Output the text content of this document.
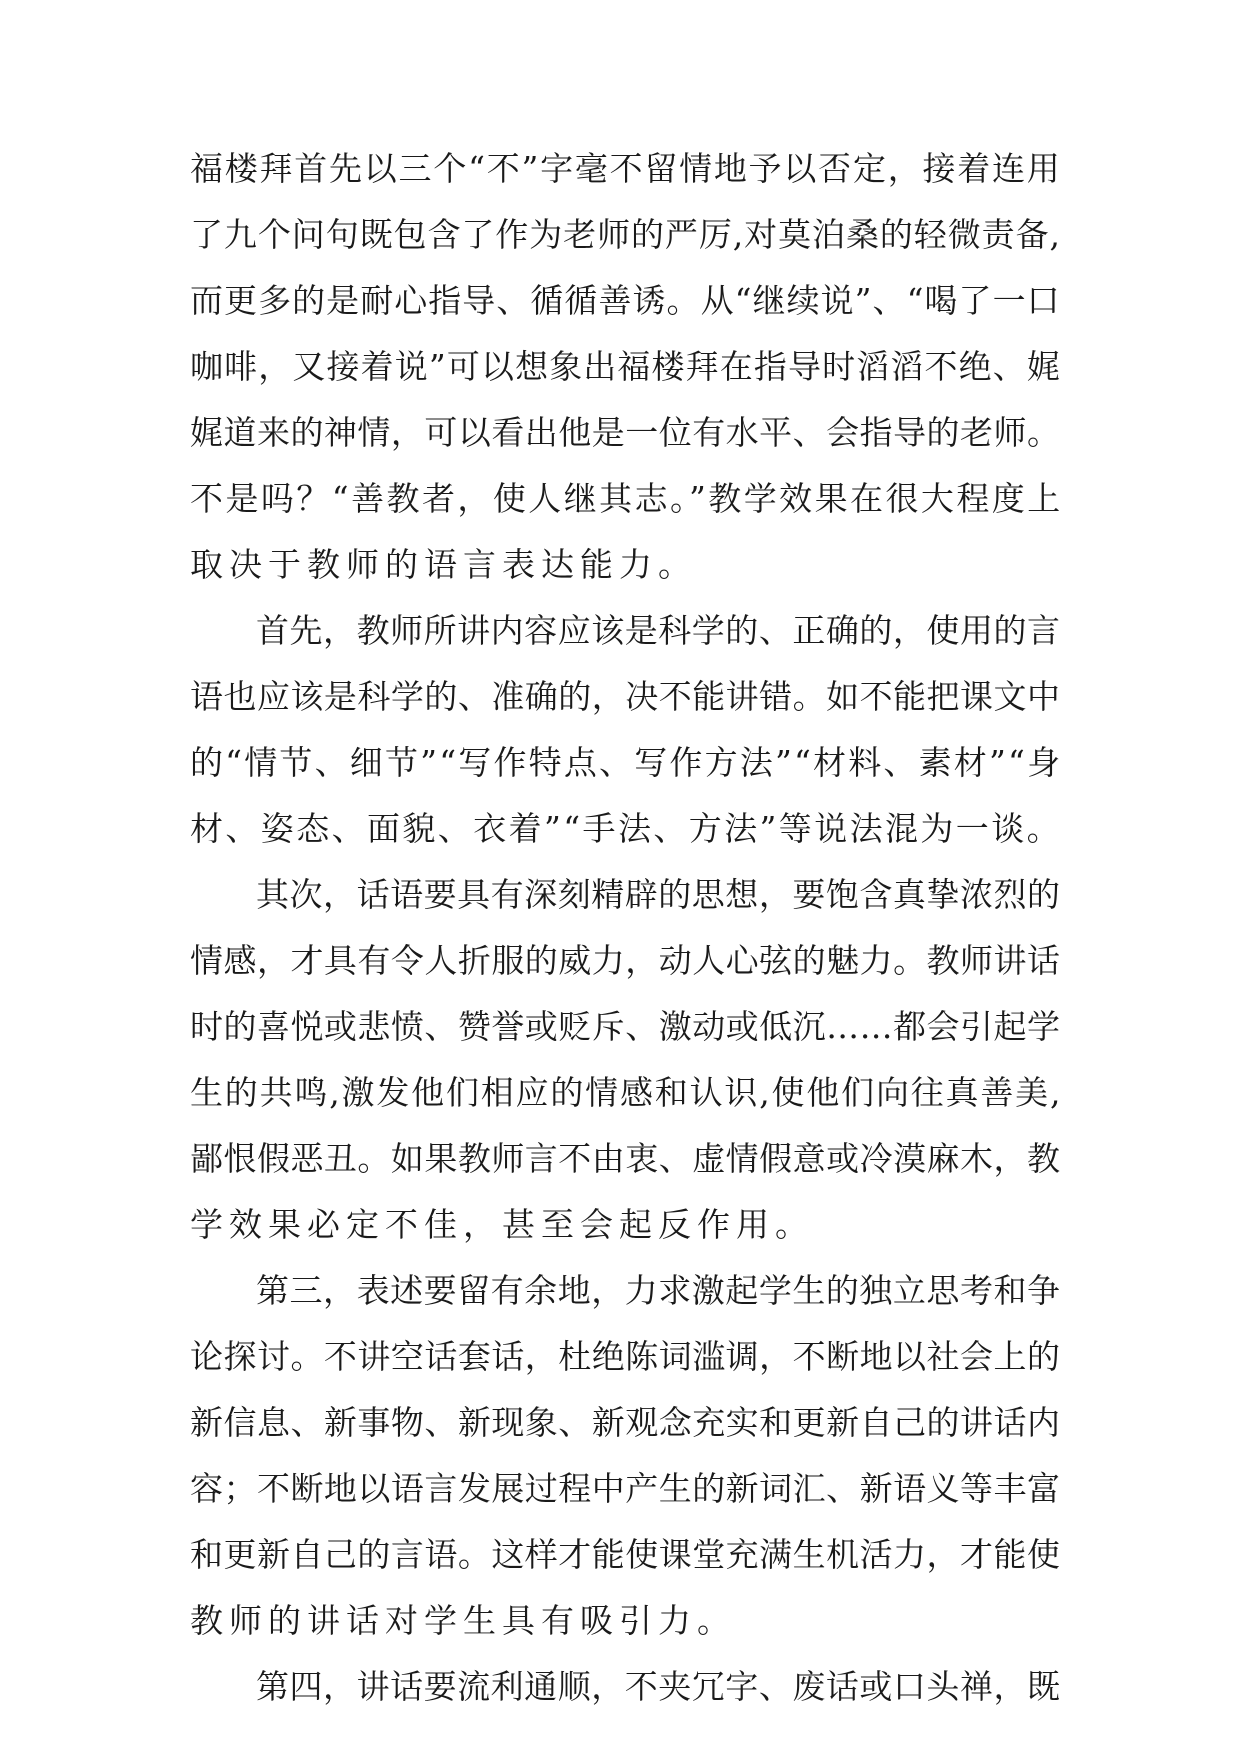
福楼拜首先以三个“不”字毫不留情地予以否定，接着连用
了九个问句既包含了作为老师的严厉,对莫泊桑的轻微责备,
而更多的是耐心指导、循循善诱。从“继续说”、“喝了一口
咖啡，又接着说”可以想象出福楼拜在指导时滔滔不绝、娓
娓道来的神情，可以看出他是一位有水平、会指导的老师。
不是吗？“善教者，使人继其志。”教学效果在很大程度上
取决于教师的语言表达能力。
首先，教师所讲内容应该是科学的、正确的，使用的言
语也应该是科学的、准确的，决不能讲错。如不能把课文中
的“情节、细节”“写作特点、写作方法”“材料、素材”“身
材、姿态、面貌、衣着”“手法、方法”等说法混为一谈。
其次，话语要具有深刻精辟的思想，要饱含真挚浓烈的
情感，才具有令人折服的威力，动人心弦的魅力。教师讲话
时的喜悦或悲愤、赞誉或贬斥、激动或低沉……都会引起学
生的共鸣,激发他们相应的情感和认识,使他们向往真善美,
鄙恨假恶丑。如果教师言不由衷、虚情假意或冷漠麻木，教
学效果必定不佳，甚至会起反作用。
第三，表述要留有余地，力求激起学生的独立思考和争
论探讨。不讲空话套话，杜绝陈词滥调，不断地以社会上的
新信息、新事物、新现象、新观念充实和更新自己的讲话内
容；不断地以语言发展过程中产生的新词汇、新语义等丰富
和更新自己的言语。这样才能使课堂充满生机活力，才能使
教师的讲话对学生具有吸引力。
第四，讲话要流利通顺，不夹冗字、废话或口头禅，既
